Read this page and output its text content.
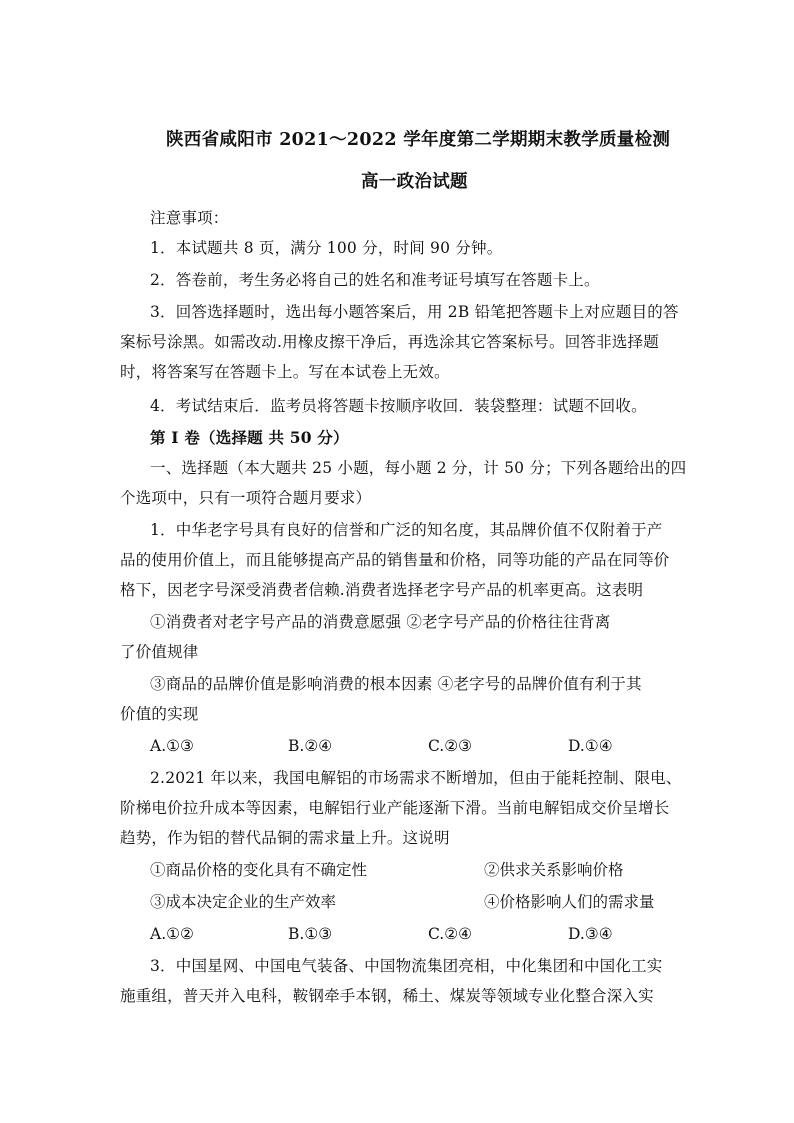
陕西省咸阳市 2021～2022 学年度第二学期期末教学质量检测
高一政治试题
注意事项：
1．本试题共 8 页，满分 100 分，时间 90 分钟。
2．答卷前，考生务必将自己的姓名和准考证号填写在答题卡上。
3．回答选择题时，选出每小题答案后，用 2B 铅笔把答题卡上对应题目的答
案标号涂黑。如需改动.用橡皮擦干净后，再选涂其它答案标号。回答非选择题
时，将答案写在答题卡上。写在本试卷上无效。
4．考试结束后．监考员将答题卡按顺序收回．装袋整理：试题不回收。
第 I 卷（选择题 共 50 分）
一、选择题（本大题共 25 小题，每小题 2 分，计 50 分；下列各题给出的四
个选项中，只有一项符合题月要求）
1．中华老字号具有良好的信誉和广泛的知名度，其品牌价值不仅附着于产
品的使用价值上，而且能够提高产品的销售量和价格，同等功能的产品在同等价
格下，因老字号深受消费者信赖.消费者选择老字号产品的机率更高。这表明
①消费者对老字号产品的消费意愿强 ②老字号产品的价格往往背离
了价值规律
③商品的品牌价值是影响消费的根本因素 ④老字号的品牌价值有利于其
价值的实现
A.①③	B.②④	C.②③	D.①④
2.2021 年以来，我国电解铝的市场需求不断增加，但由于能耗控制、限电、
阶梯电价拉升成本等因素，电解铝行业产能逐渐下滑。当前电解铝成交价呈增长
趋势，作为铝的替代品铜的需求量上升。这说明
①商品价格的变化具有不确定性	②供求关系影响价格
③成本决定企业的生产效率	④价格影响人们的需求量
A.①②	B.①③	C.②④	D.③④
3．中国星网、中国电气装备、中国物流集团亮相，中化集团和中国化工实
施重组，普天并入电科，鞍钢牵手本钢，稀土、煤炭等领域专业化整合深入实
